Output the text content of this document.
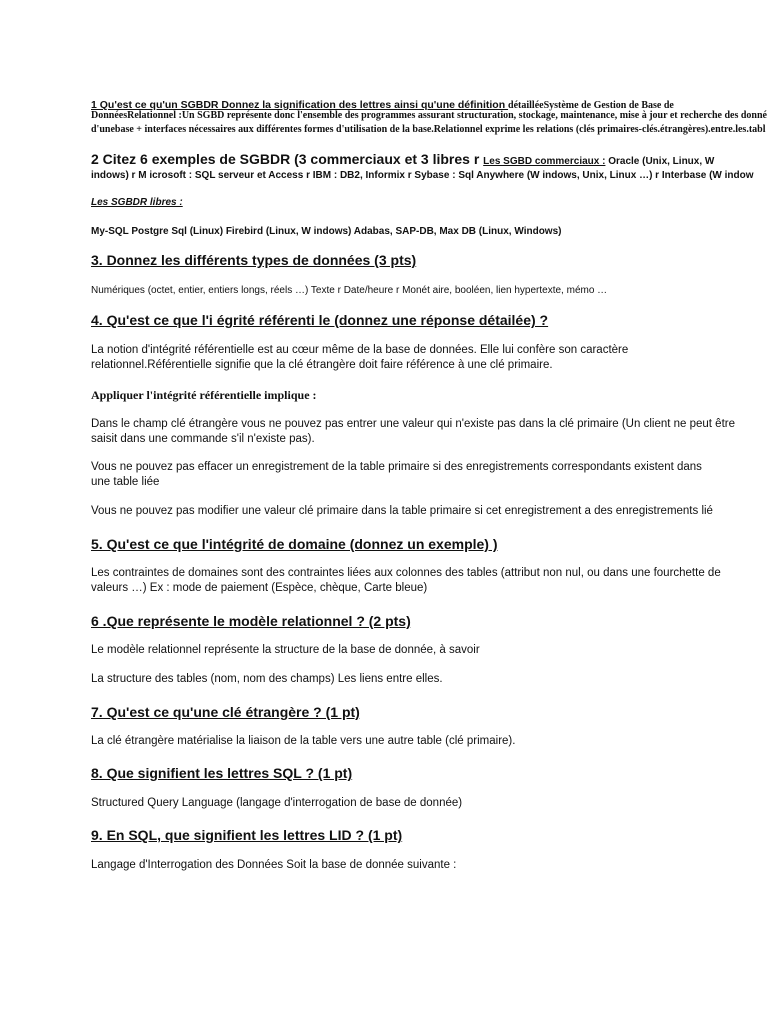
1 Qu'est ce qu'un SGBDR Donnez la signification des lettres ainsi qu'une définition détailléeSystème de Gestion de Base de
DonnéesRelationnel :Un SGBD représente donc l'ensemble des programmes assurant structuration, stockage, maintenance, mise à jour et recherche des donné
d'unebase + interfaces nécessaires aux différentes formes d'utilisation de la base.Relationnel exprime les relations (clés primaires-clés.étrangères).entre.les.tabl
2 Citez 6 exemples de SGBDR (3 commerciaux et 3 libres r Les SGBD commerciaux : Oracle (Unix, Linux, W
indows) r M icrosoft : SQL serveur et Access r IBM : DB2, Informix r Sybase : Sql Anywhere (W indows, Unix, Linux …) r Interbase (W indow
Les SGBDR libres :
My-SQL Postgre Sql (Linux) Firebird (Linux, W indows) Adabas, SAP-DB, Max DB (Linux, Windows)
3. Donnez les différents types de données (3 pts)
Numériques (octet, entier, entiers longs, réels …) Texte r Date/heure r Monét aire, booléen, lien hypertexte, mémo …
4. Qu'est ce que l'i égrité référenti le (donnez une réponse détailée) ?
La notion d'intégrité référentielle est au cœur même de la base de données. Elle lui confère son caractère
relationnel.Référentielle signifie que la clé étrangère doit faire référence à une clé primaire.
Appliquer l'intégrité référentielle implique :
Dans le champ clé étrangère vous ne pouvez pas entrer une valeur qui n'existe pas dans la clé primaire (Un client ne peut être
saisit dans une commande s'il n'existe pas).
Vous ne pouvez pas effacer un enregistrement de la table primaire si des enregistrements correspondants existent dans
une table liée
Vous ne pouvez pas modifier une valeur clé primaire dans la table primaire si cet enregistrement a des enregistrements lié
5. Qu'est ce que l'intégrité de domaine (donnez un exemple) )
Les contraintes de domaines sont des contraintes liées aux colonnes des tables (attribut non nul, ou dans une fourchette de
valeurs …) Ex : mode de paiement (Espèce, chèque, Carte bleue)
6 .Que représente le modèle relationnel ? (2 pts)
Le modèle relationnel représente la structure de la base de donnée, à savoir
La structure des tables (nom, nom des champs) Les liens entre elles.
7. Qu'est ce qu'une clé étrangère ? (1 pt)
La clé étrangère matérialise la liaison de la table vers une autre table (clé primaire).
8. Que signifient les lettres SQL ? (1 pt)
Structured Query Language (langage d'interrogation de base de donnée)
9. En SQL, que signifient les lettres LID ? (1 pt)
Langage d'Interrogation des Données Soit la base de donnée suivante :
